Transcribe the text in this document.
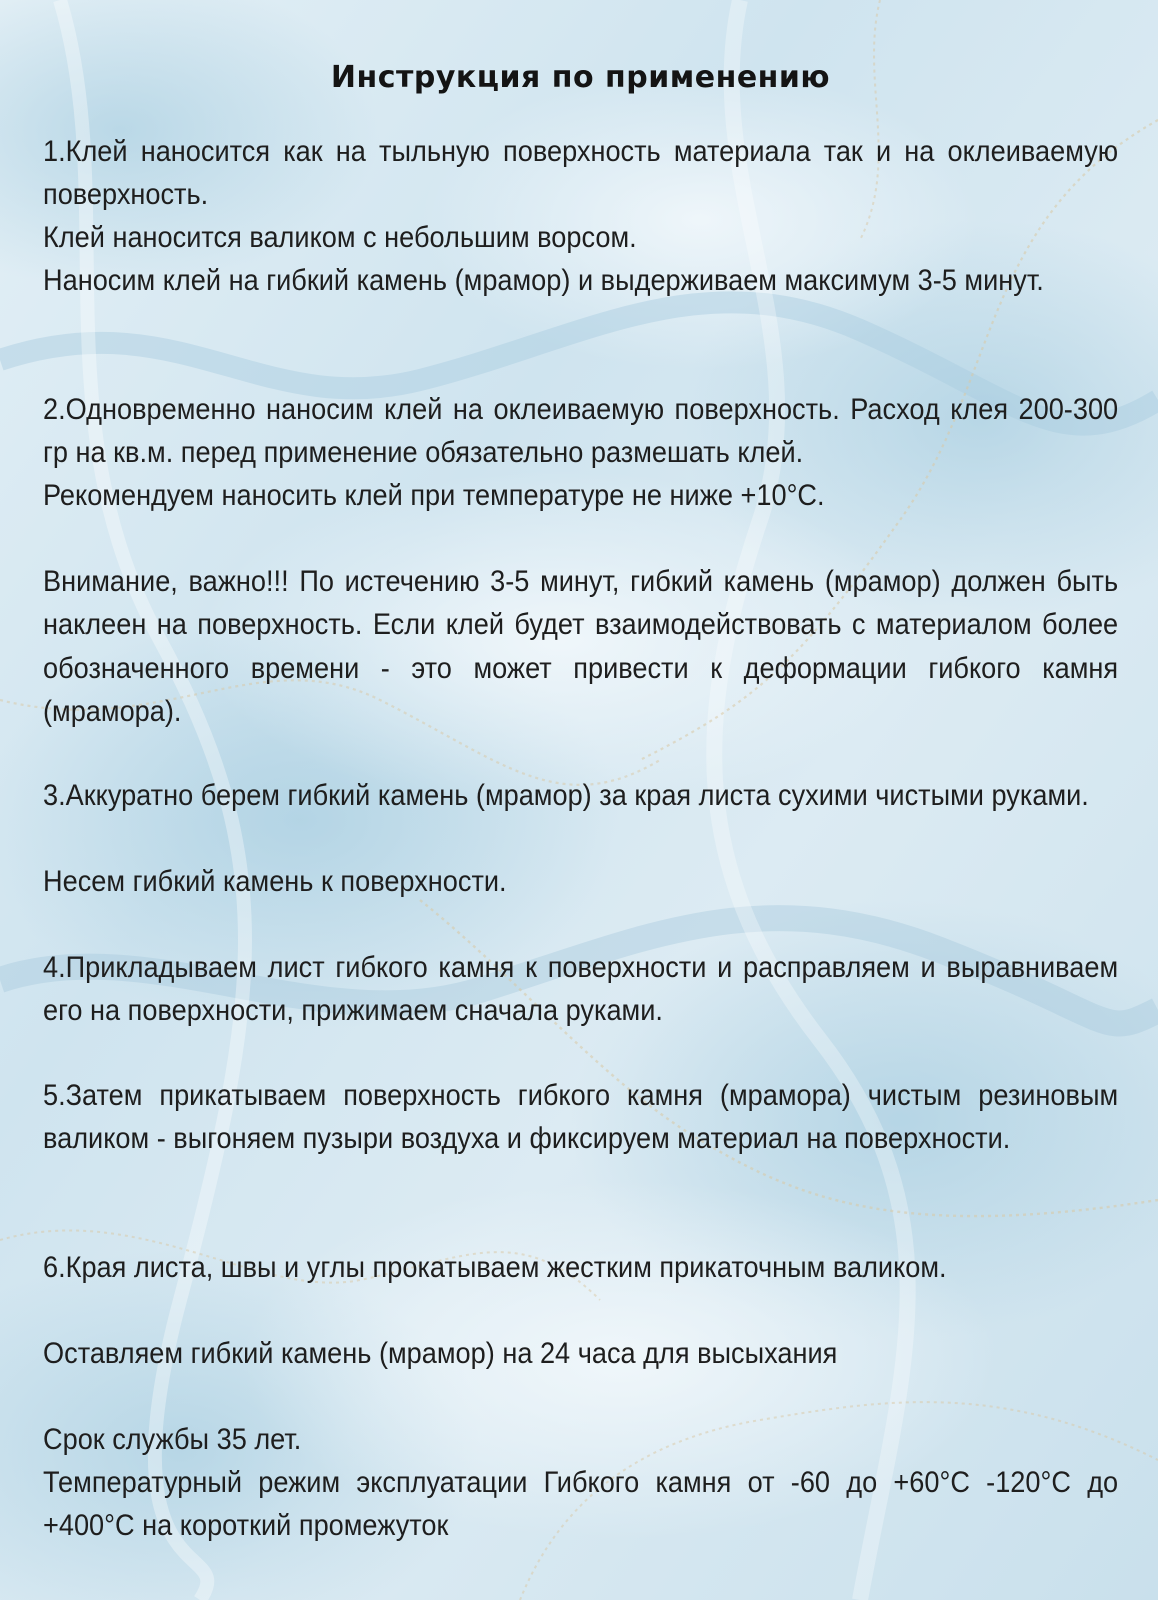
Инструкция по применению

1.Клей наносится как на тыльную поверхность материала так и на оклеиваемую поверхность.

Клей наносится валиком с небольшим ворсом.

Наносим клей на гибкий камень (мрамор) и выдерживаем максимум 3-5 минут.

2.Одновременно наносим клей на оклеиваемую поверхность. Расход клея 200-300 гр на кв.м. перед применение обязательно размешать клей.

Рекомендуем наносить клей при температуре не ниже +10°С.

Внимание, важно!!! По истечению 3-5 минут, гибкий камень (мрамор) должен быть наклеен на поверхность. Если клей будет взаимодействовать с материалом более обозначенного времени - это может привести к деформации гибкого камня (мрамора).

3.Аккуратно берем гибкий камень (мрамор) за края листа сухими чистыми руками.

Несем гибкий камень к поверхности.

4.Прикладываем лист гибкого камня к поверхности и расправляем и выравниваем его на поверхности, прижимаем сначала руками.

5.Затем прикатываем поверхность гибкого камня (мрамора) чистым резиновым валиком - выгоняем пузыри воздуха и фиксируем материал на поверхности.

6.Края листа, швы и углы прокатываем жестким прикаточным валиком.

Оставляем гибкий камень (мрамор) на 24 часа для высыхания

Срок службы 35 лет.

Температурный режим эксплуатации Гибкого камня от -60 до +60°С -120°С до +400°С на короткий промежуток
